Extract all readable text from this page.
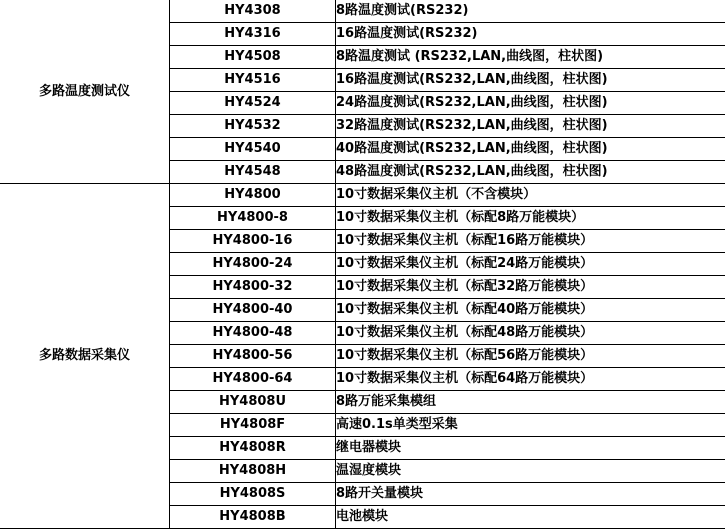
多路温度测试仪	HY4308	8路温度测试(RS232)
	HY4316	16路温度测试(RS232)
	HY4508	8路温度测试 (RS232,LAN,曲线图，柱状图)
	HY4516	16路温度测试(RS232,LAN,曲线图，柱状图)
	HY4524	24路温度测试(RS232,LAN,曲线图，柱状图)
	HY4532	32路温度测试(RS232,LAN,曲线图，柱状图)
	HY4540	40路温度测试(RS232,LAN,曲线图，柱状图)
	HY4548	48路温度测试(RS232,LAN,曲线图，柱状图)
多路数据采集仪	HY4800	10寸数据采集仪主机（不含模块）
	HY4800-8	10寸数据采集仪主机（标配8路万能模块）
	HY4800-16	10寸数据采集仪主机（标配16路万能模块）
	HY4800-24	10寸数据采集仪主机（标配24路万能模块）
	HY4800-32	10寸数据采集仪主机（标配32路万能模块）
	HY4800-40	10寸数据采集仪主机（标配40路万能模块）
	HY4800-48	10寸数据采集仪主机（标配48路万能模块）
	HY4800-56	10寸数据采集仪主机（标配56路万能模块）
	HY4800-64	10寸数据采集仪主机（标配64路万能模块）
	HY4808U	8路万能采集模组
	HY4808F	高速0.1s单类型采集
	HY4808R	继电器模块
	HY4808H	温湿度模块
	HY4808S	8路开关量模块
	HY4808B	电池模块
